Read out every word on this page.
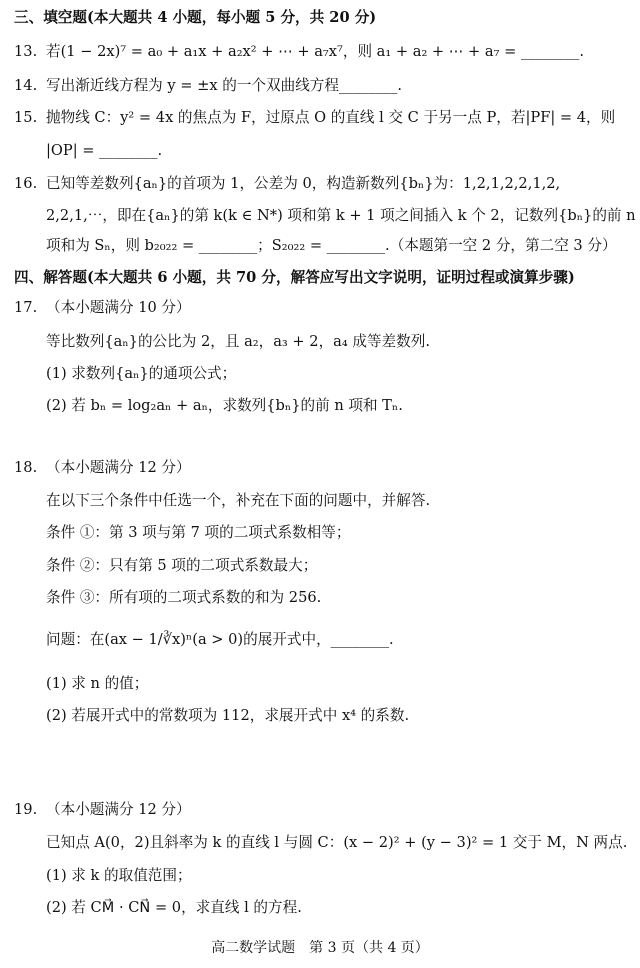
三、填空题(本大题共 4 小题，每小题 5 分，共 20 分)
13. 若(1 − 2x)⁷ = a₀ + a₁x + a₂x² + ⋯ + a₇x⁷，则 a₁ + a₂ + ⋯ + a₇ = ________.
14. 写出渐近线方程为 y = ±x 的一个双曲线方程________.
15. 抛物线 C：y² = 4x 的焦点为 F，过原点 O 的直线 l 交 C 于另一点 P，若|PF| = 4，则
|OP| = ________.
16. 已知等差数列{aₙ}的首项为 1，公差为 0，构造新数列{bₙ}为：1,2,1,2,2,1,2,
2,2,1,⋯，即在{aₙ}的第 k(k ∈ N*) 项和第 k + 1 项之间插入 k 个 2，记数列{bₙ}的前 n
项和为 Sₙ，则 b₂₀₂₂ = ________；S₂₀₂₂ = ________.（本题第一空 2 分，第二空 3 分）
四、解答题(本大题共 6 小题，共 70 分，解答应写出文字说明，证明过程或演算步骤)
17. （本小题满分 10 分）
等比数列{aₙ}的公比为 2，且 a₂，a₃ + 2，a₄ 成等差数列.
(1) 求数列{aₙ}的通项公式；
(2) 若 bₙ = log₂aₙ + aₙ，求数列{bₙ}的前 n 项和 Tₙ.
18. （本小题满分 12 分）
在以下三个条件中任选一个，补充在下面的问题中，并解答.
条件 ①：第 3 项与第 7 项的二项式系数相等；
条件 ②：只有第 5 项的二项式系数最大；
条件 ③：所有项的二项式系数的和为 256.
问题：在(ax − 1/∛x)ⁿ(a > 0)的展开式中，________.
(1) 求 n 的值；
(2) 若展开式中的常数项为 112，求展开式中 x⁴ 的系数.
19. （本小题满分 12 分）
已知点 A(0，2)且斜率为 k 的直线 l 与圆 C：(x − 2)² + (y − 3)² = 1 交于 M，N 两点.
(1) 求 k 的取值范围；
(2) 若 CM⃗ · CN⃗ = 0，求直线 l 的方程.
高二数学试题　第 3 页（共 4 页）
